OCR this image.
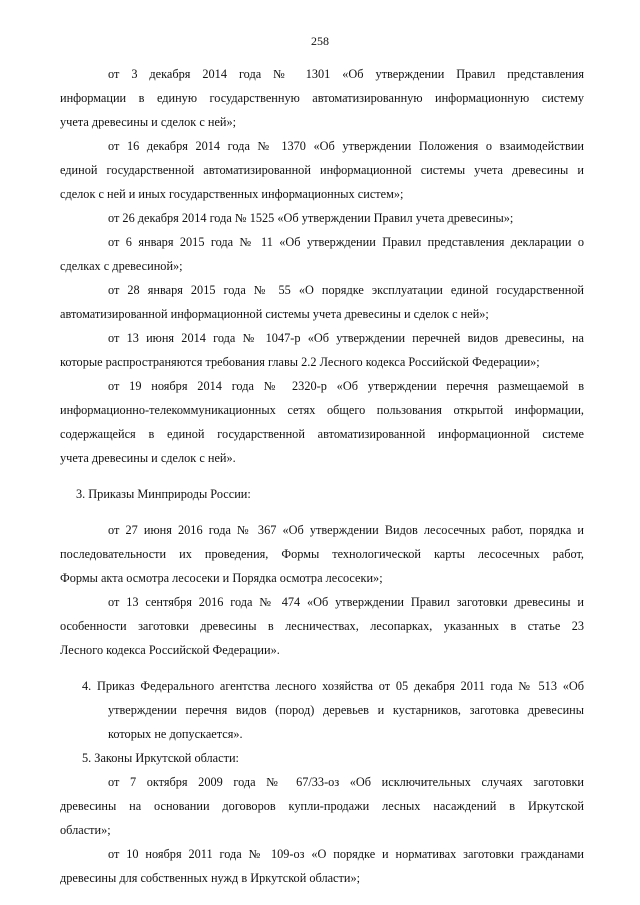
258
от 3 декабря 2014 года № 1301 «Об утверждении Правил представления
информации в единую государственную автоматизированную информационную систему
учета древесины и сделок с ней»;
от 16 декабря 2014 года № 1370 «Об утверждении Положения о взаимодействии
единой государственной автоматизированной информационной системы учета древесины и
сделок с ней и иных государственных информационных систем»;
от 26 декабря 2014 года № 1525 «Об утверждении Правил учета древесины»;
от 6 января 2015 года № 11 «Об утверждении Правил представления декларации о
сделках с древесиной»;
от 28 января 2015 года № 55 «О порядке эксплуатации единой государственной
автоматизированной информационной системы учета древесины и сделок с ней»;
от 13 июня 2014 года № 1047-р «Об утверждении перечней видов древесины, на
которые распространяются требования главы 2.2 Лесного кодекса Российской Федерации»;
от 19 ноября 2014 года № 2320-р «Об утверждении перечня размещаемой в
информационно-телекоммуникационных сетях общего пользования открытой информации,
содержащейся в единой государственной автоматизированной информационной системе
учета древесины и сделок с ней».
3. Приказы Минприроды России:
от 27 июня 2016 года № 367 «Об утверждении Видов лесосечных работ, порядка и
последовательности их проведения, Формы технологической карты лесосечных работ,
Формы акта осмотра лесосеки и Порядка осмотра лесосеки»;
от 13 сентября 2016 года № 474 «Об утверждении Правил заготовки древесины и
особенности заготовки древесины в лесничествах, лесопарках, указанных в статье 23
Лесного кодекса Российской Федерации».
4. Приказ Федерального агентства лесного хозяйства от 05 декабря 2011 года № 513 «Об
утверждении перечня видов (пород) деревьев и кустарников, заготовка древесины
которых не допускается».
5. Законы Иркутской области:
от 7 октября 2009 года № 67/33-оз «Об исключительных случаях заготовки
древесины на основании договоров купли-продажи лесных насаждений в Иркутской
области»;
от 10 ноября 2011 года № 109-оз «О порядке и нормативах заготовки гражданами
древесины для собственных нужд в Иркутской области»;
